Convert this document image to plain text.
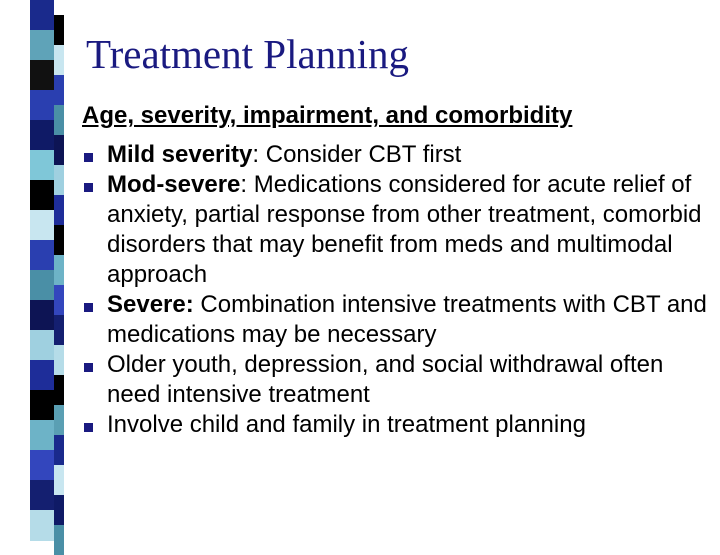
Treatment Planning
Age, severity, impairment, and comorbidity
Mild severity: Consider CBT first
Mod-severe: Medications considered for acute relief of anxiety, partial response from other treatment, comorbid disorders that may benefit from meds and multimodal approach
Severe: Combination intensive treatments with CBT and medications may be necessary
Older youth, depression, and social withdrawal often need intensive treatment
Involve child and family in treatment planning
